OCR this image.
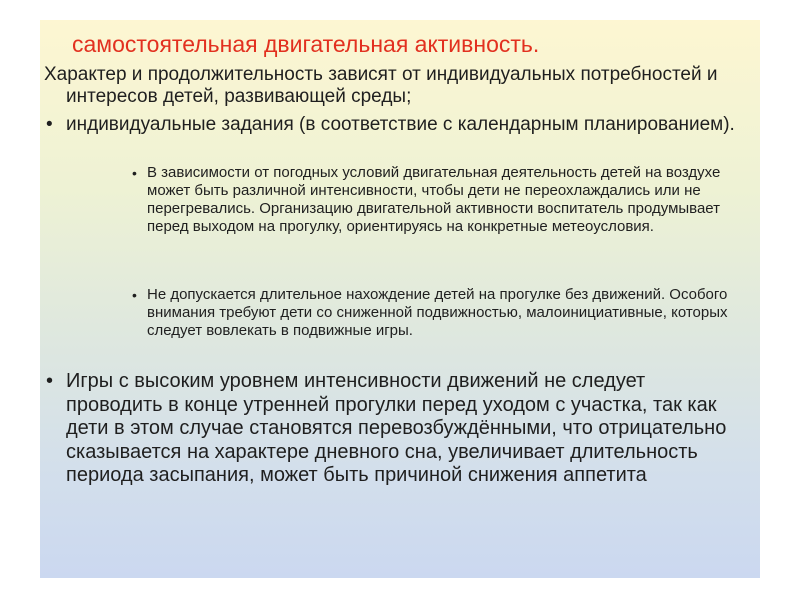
самостоятельная двигательная активность.
Характер и продолжительность зависят от индивидуальных потребностей и интересов детей, развивающей среды;
• индивидуальные задания (в соответствие с календарным планированием).
• В зависимости от погодных условий двигательная деятельность детей на воздухе может быть различной интенсивности, чтобы дети не переохлаждались или не перегревались. Организацию двигательной активности воспитатель продумывает перед выходом на прогулку, ориентируясь на конкретные метеоусловия.
• Не допускается длительное нахождение детей на прогулке без движений. Особого внимания требуют дети со сниженной подвижностью, малоинициативные, которых следует вовлекать в подвижные игры.
• Игры с высоким уровнем интенсивности движений не следует проводить в конце утренней прогулки перед уходом с участка, так как дети в этом случае становятся перевозбуждёнными, что отрицательно сказывается на характере дневного сна, увеличивает длительность периода засыпания, может быть причиной снижения аппетита
